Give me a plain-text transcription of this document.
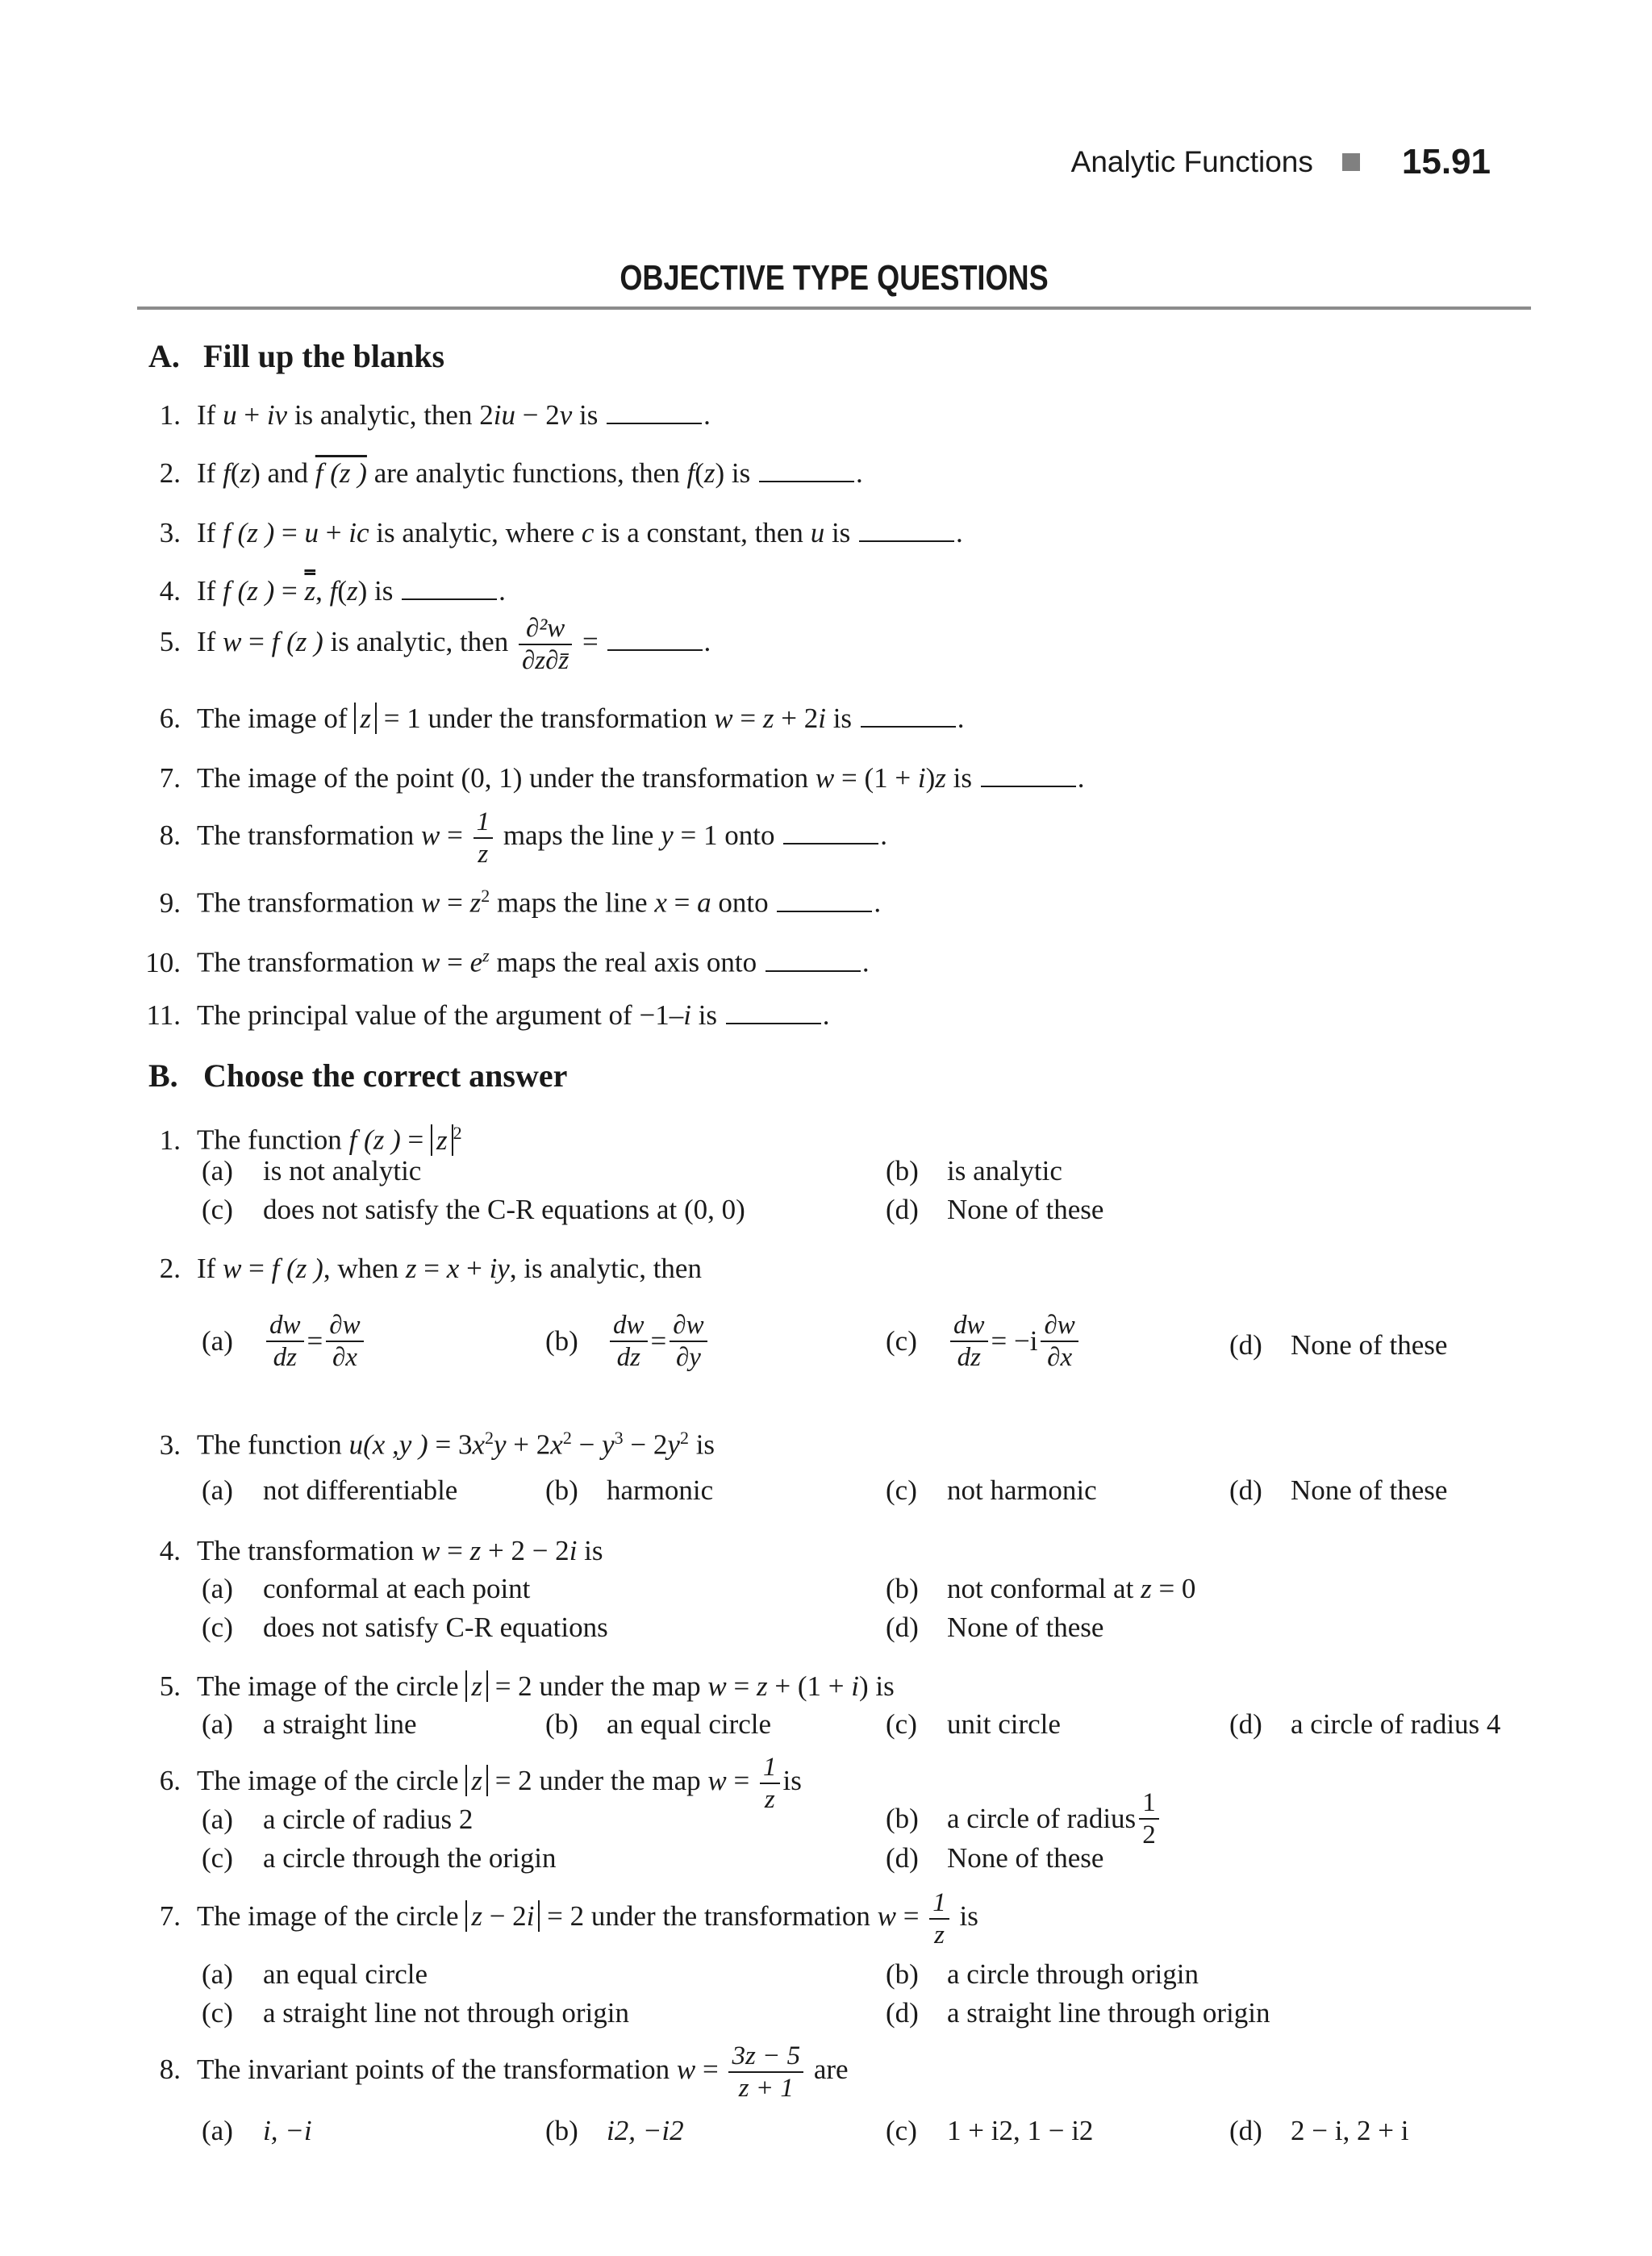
Analytic Functions	15.91
OBJECTIVE TYPE QUESTIONS
A. Fill up the blanks
1. If u + iv is analytic, then 2iu − 2v is	.
2. If f(z) and f (z ) are analytic functions, then f(z) is	.
3. If f (z ) = u + ic is analytic, where c is a constant, then u is	.
4. If f (z ) = z, f(z) is	.
5. If w = f (z ) is analytic, then $\frac{\text{∂²w}}{\partial z\partial z̄}$ =	.
6. The image of z = 1 under the transformation w = z + 2i is	.
7. The image of the point (0, 1) under the transformation w = (1 + i)z is	.
8. The transformation $w = \frac{1}{z}$ maps the line y = 1 onto	.
9. The transformation $w = z^2$ maps the line x = a onto	.
10. The transformation $w = e^z$ maps the real axis onto	.
11. The principal value of the argument of −1–i is	.
B. Choose the correct answer
1. The function f (z ) = z $^2$
(a) is not analytic	(b) is analytic
(c) does not satisfy the C-R equations at (0, 0)	(d) None of these
2. If w = f (z ), when z = x + iy, is analytic, then
(a)	$\frac{dw}{dz} = \frac{\partial w}{\partial x}$	(b)	$\frac{dw}{dz} = \frac{\partial w}{\partial y}$	(c)	$\frac{dw}{dz} = -i \frac{\partial w}{\partial x}$	(d) None of these
3. The function u(x ,y ) = $3x^2y + 2x^2 - y^3 - 2y^2$ is
(a) not differentiable	(b) harmonic	(c) not harmonic	(d) None of these
4. The transformation w = z + 2 − 2i is
(a) conformal at each point	(b) not conformal at z = 0
(c) does not satisfy C-R equations	(d) None of these
5. The image of the circle z = 2 under the map w = z + (1 + i) is
(a) a straight line	(b) an equal circle	(c) unit circle	(d) a circle of radius 4
6. The image of the circle z = 2 under the map $w = \frac{1}{z}$ is
(a) a circle of radius 2	(b)	a circle of radius $\frac{1}{2}$
(c) a circle through the origin	(d) None of these
7. The image of the circle z − 2i = 2 under the transformation $w = \frac{1}{z}$ is
(a) an equal circle	(b) a circle through origin
(c) a straight line not through origin	(d) a straight line through origin
8. The invariant points of the transformation $w = \frac{3z - 5}{z + 1}$ are
(a) i, −i	(b) i2, −i2	(c) 1 + i2, 1 − i2	(d) 2 − i, 2 + i
